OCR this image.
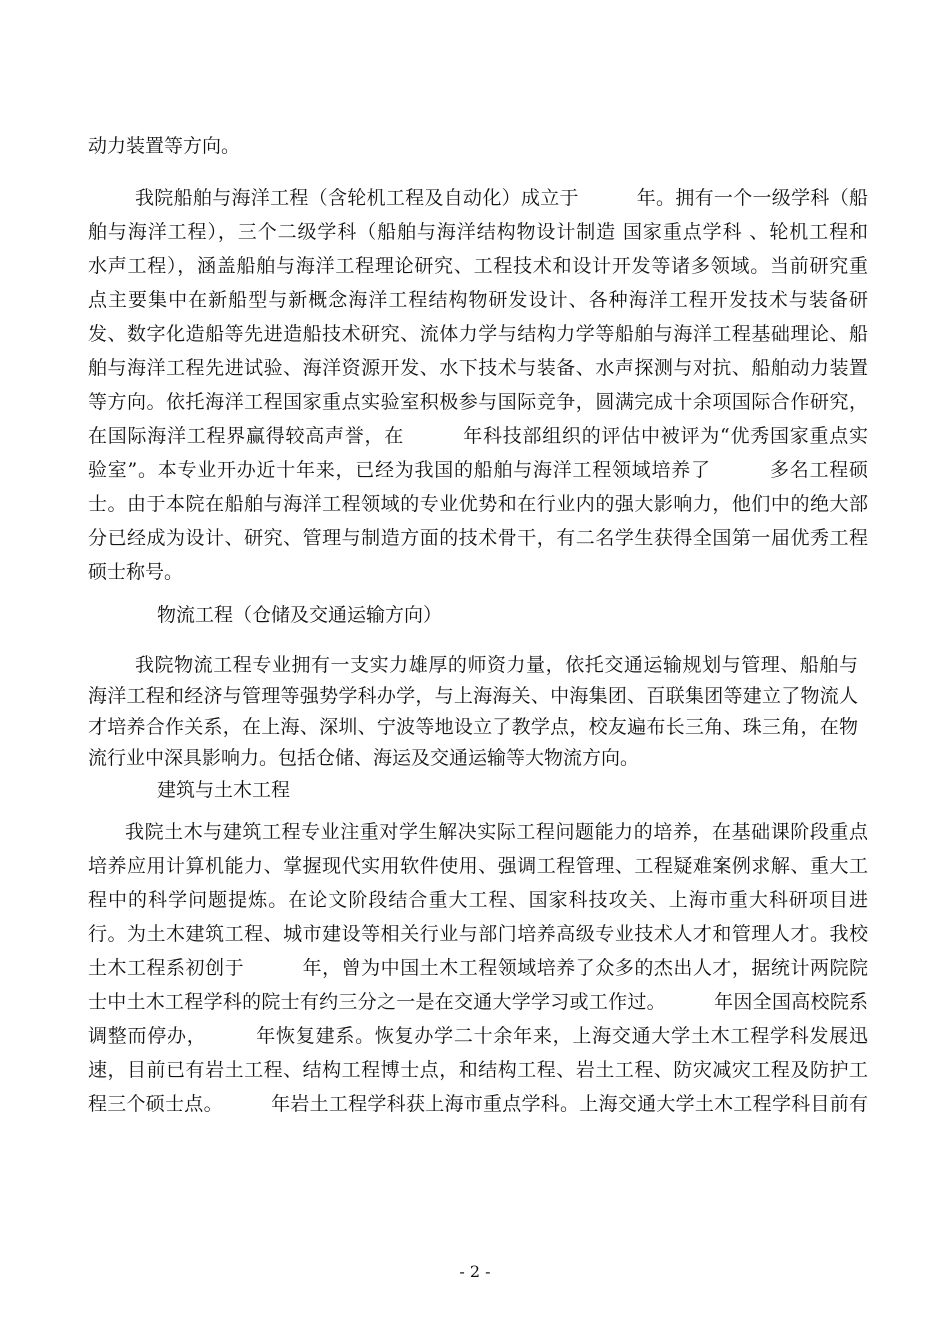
动力装置等方向。
我院船舶与海洋工程（含轮机工程及自动化）成立于　　　年。拥有一个一级学科（船
舶与海洋工程），三个二级学科（船舶与海洋结构物设计制造 国家重点学科 、轮机工程和
水声工程），涵盖船舶与海洋工程理论研究、工程技术和设计开发等诸多领域。当前研究重
点主要集中在新船型与新概念海洋工程结构物研发设计、各种海洋工程开发技术与装备研
发、数字化造船等先进造船技术研究、流体力学与结构力学等船舶与海洋工程基础理论、船
舶与海洋工程先进试验、海洋资源开发、水下技术与装备、水声探测与对抗、船舶动力装置
等方向。依托海洋工程国家重点实验室积极参与国际竞争，圆满完成十余项国际合作研究，
在国际海洋工程界赢得较高声誉，在　　　年科技部组织的评估中被评为“优秀国家重点实
验室”。本专业开办近十年来，已经为我国的船舶与海洋工程领域培养了　　　多名工程硕
士。由于本院在船舶与海洋工程领域的专业优势和在行业内的强大影响力，他们中的绝大部
分已经成为设计、研究、管理与制造方面的技术骨干，有二名学生获得全国第一届优秀工程
硕士称号。
物流工程（仓储及交通运输方向）
我院物流工程专业拥有一支实力雄厚的师资力量，依托交通运输规划与管理、船舶与
海洋工程和经济与管理等强势学科办学，与上海海关、中海集团、百联集团等建立了物流人
才培养合作关系，在上海、深圳、宁波等地设立了教学点，校友遍布长三角、珠三角，在物
流行业中深具影响力。包括仓储、海运及交通运输等大物流方向。
建筑与土木工程
我院土木与建筑工程专业注重对学生解决实际工程问题能力的培养，在基础课阶段重点
培养应用计算机能力、掌握现代实用软件使用、强调工程管理、工程疑难案例求解、重大工
程中的科学问题提炼。在论文阶段结合重大工程、国家科技攻关、上海市重大科研项目进
行。为土木建筑工程、城市建设等相关行业与部门培养高级专业技术人才和管理人才。我校
土木工程系初创于　　　年，曾为中国土木工程领域培养了众多的杰出人才，据统计两院院
士中土木工程学科的院士有约三分之一是在交通大学学习或工作过。　　　年因全国高校院系
调整而停办，　　　年恢复建系。恢复办学二十余年来，上海交通大学土木工程学科发展迅
速，目前已有岩土工程、结构工程博士点，和结构工程、岩土工程、防灾减灾工程及防护工
程三个硕士点。　　　年岩土工程学科获上海市重点学科。上海交通大学土木工程学科目前有
- 2 -
